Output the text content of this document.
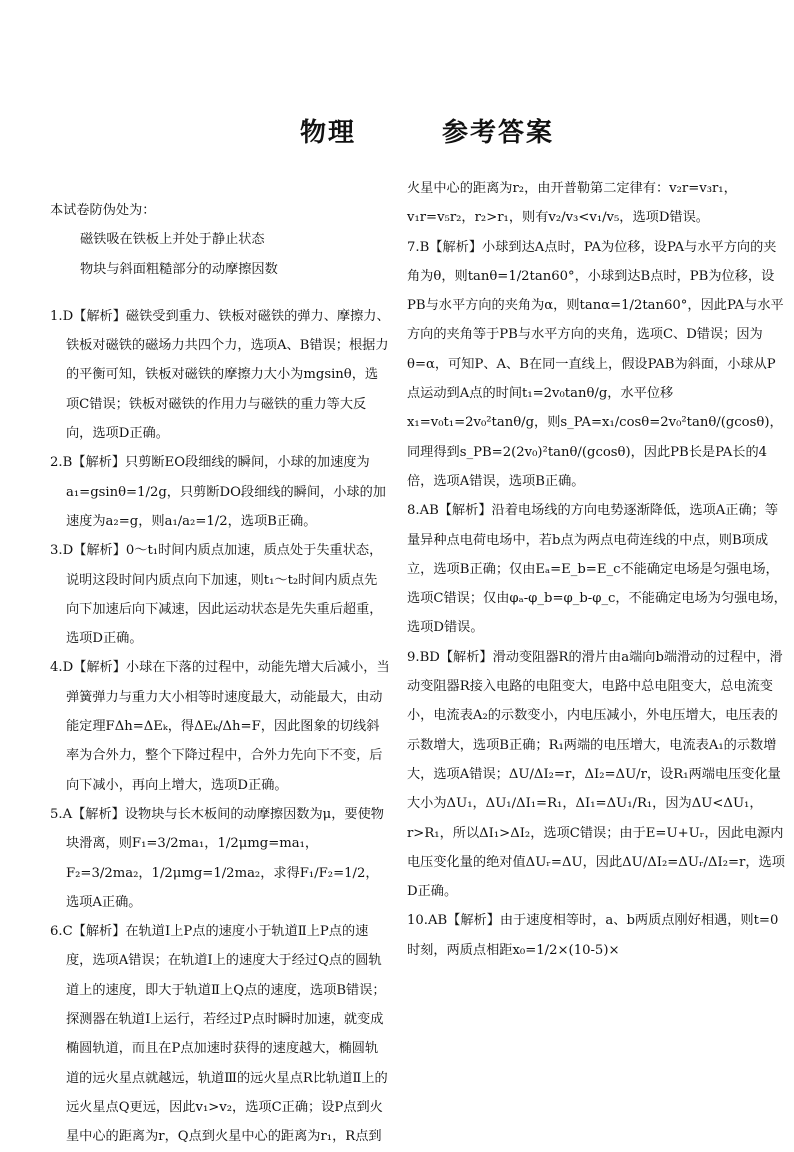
物理	参考答案

本试卷防伪处为：

磁铁吸在铁板上并处于静止状态

物块与斜面粗糙部分的动摩擦因数

1.D【解析】磁铁受到重力、铁板对磁铁的弹力、摩擦力、铁板对磁铁的磁场力共四个力，选项A、B错误；根据力的平衡可知，铁板对磁铁的摩擦力大小为mgsinθ，选项C错误；铁板对磁铁的作用力与磁铁的重力等大反向，选项D正确。

2.B【解析】只剪断EO段细线的瞬间，小球的加速度为a₁=gsinθ=1/2g，只剪断DO段细线的瞬间，小球的加速度为a₂=g，则a₁/a₂=1/2，选项B正确。

3.D【解析】0～t₁时间内质点加速，质点处于失重状态，说明这段时间内质点向下加速，则t₁～t₂时间内质点先向下加速后向下减速，因此运动状态是先失重后超重，选项D正确。

4.D【解析】小球在下落的过程中，动能先增大后减小，当弹簧弹力与重力大小相等时速度最大，动能最大，由动能定理FΔh=ΔEₖ，得ΔEₖ/Δh=F，因此图象的切线斜率为合外力，整个下降过程中，合外力先向下不变，后向下减小，再向上增大，选项D正确。

5.A【解析】设物块与长木板间的动摩擦因数为μ，要使物块滑离，则F₁=3/2ma₁，1/2μmg=ma₁，F₂=3/2ma₂，1/2μmg=1/2ma₂，求得F₁/F₂=1/2，选项A正确。

6.C【解析】在轨道Ⅰ上P点的速度小于轨道Ⅱ上P点的速度，选项A错误；在轨道Ⅰ上的速度大于经过Q点的圆轨道上的速度，即大于轨道Ⅱ上Q点的速度，选项B错误；探测器在轨道Ⅰ上运行，若经过P点时瞬时加速，就变成椭圆轨道，而且在P点加速时获得的速度越大，椭圆轨道的远火星点就越远，轨道Ⅲ的远火星点R比轨道Ⅱ上的远火星点Q更远，因此v₁>v₂，选项C正确；设P点到火星中心的距离为r，Q点到火星中心的距离为r₁，R点到

火星中心的距离为r₂，由开普勒第二定律有：v₂r=v₃r₁，v₁r=v₅r₂，r₂>r₁，则有v₂/v₃<v₁/v₅，选项D错误。

7.B【解析】小球到达A点时，PA为位移，设PA与水平方向的夹角为θ，则tanθ=1/2tan60°，小球到达B点时，PB为位移，设PB与水平方向的夹角为α，则tanα=1/2tan60°，因此PA与水平方向的夹角等于PB与水平方向的夹角，选项C、D错误；因为θ=α，可知P、A、B在同一直线上，假设PAB为斜面，小球从P点运动到A点的时间t₁=2v₀tanθ/g，水平位移x₁=v₀t₁=2v₀²tanθ/g，则s_PA=x₁/cosθ=2v₀²tanθ/(gcosθ)，同理得到s_PB=2(2v₀)²tanθ/(gcosθ)，因此PB长是PA长的4倍，选项A错误，选项B正确。

8.AB【解析】沿着电场线的方向电势逐渐降低，选项A正确；等量异种点电荷电场中，若b点为两点电荷连线的中点，则B项成立，选项B正确；仅由Eₐ=E_b=E_c不能确定电场是匀强电场，选项C错误；仅由φₐ-φ_b=φ_b-φ_c，不能确定电场为匀强电场，选项D错误。

9.BD【解析】滑动变阻器R的滑片由a端向b端滑动的过程中，滑动变阻器R接入电路的电阻变大，电路中总电阻变大，总电流变小，电流表A₂的示数变小，内电压减小，外电压增大，电压表的示数增大，选项B正确；R₁两端的电压增大，电流表A₁的示数增大，选项A错误；ΔU/ΔI₂=r，ΔI₂=ΔU/r，设R₁两端电压变化量大小为ΔU₁，ΔU₁/ΔI₁=R₁，ΔI₁=ΔU₁/R₁，因为ΔU<ΔU₁，r>R₁，所以ΔI₁>ΔI₂，选项C错误；由于E=U+Uᵣ，因此电源内电压变化量的绝对值ΔUᵣ=ΔU，因此ΔU/ΔI₂=ΔUᵣ/ΔI₂=r，选项D正确。

10.AB【解析】由于速度相等时，a、b两质点刚好相遇，则t=0时刻，两质点相距x₀=1/2×(10-5)×
